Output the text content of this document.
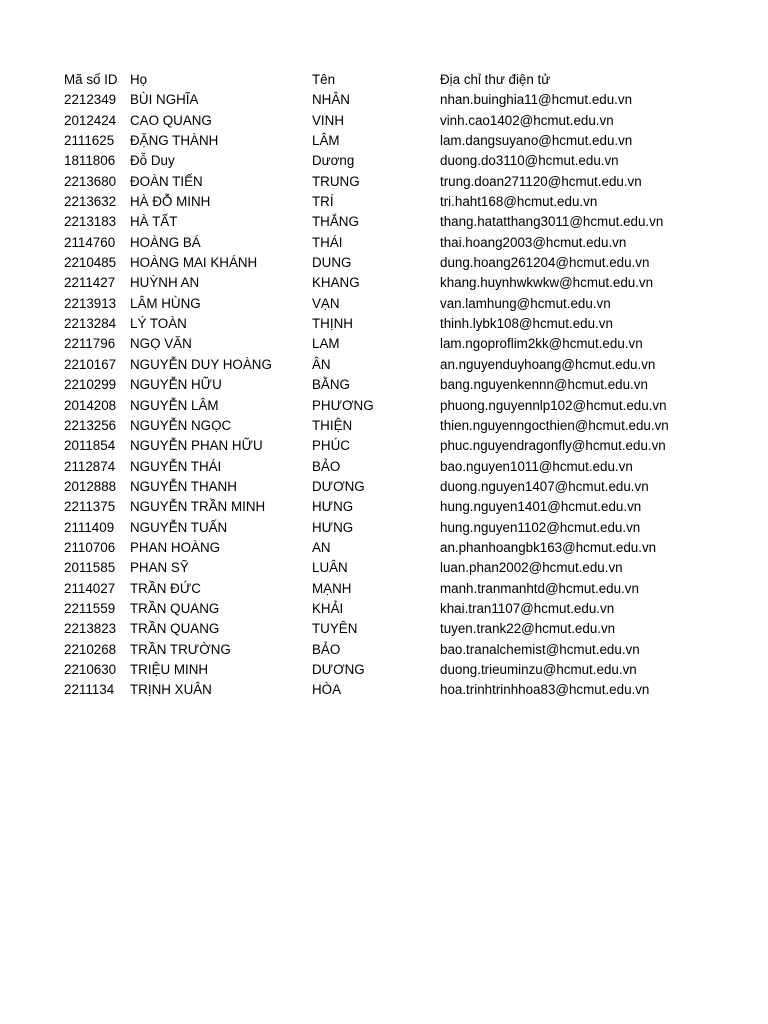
Mã số ID	Họ	Tên	Địa chỉ thư điện tử
2212349	BÙI NGHĨA	NHÂN	nhan.buinghia11@hcmut.edu.vn
2012424	CAO QUANG	VINH	vinh.cao1402@hcmut.edu.vn
2111625	ĐẶNG THÀNH	LÂM	lam.dangsuyano@hcmut.edu.vn
1811806	Đỗ Duy	Dương	duong.do3110@hcmut.edu.vn
2213680	ĐOÀN TIẾN	TRUNG	trung.doan271120@hcmut.edu.vn
2213632	HÀ ĐỖ MINH	TRÍ	tri.haht168@hcmut.edu.vn
2213183	HÀ TẤT	THẮNG	thang.hatatthang3011@hcmut.edu.vn
2114760	HOÀNG BÁ	THÁI	thai.hoang2003@hcmut.edu.vn
2210485	HOÀNG MAI KHÁNH	DUNG	dung.hoang261204@hcmut.edu.vn
2211427	HUỲNH AN	KHANG	khang.huynhwkwkw@hcmut.edu.vn
2213913	LÂM HÙNG	VẠN	van.lamhung@hcmut.edu.vn
2213284	LÝ TOÀN	THỊNH	thinh.lybk108@hcmut.edu.vn
2211796	NGỌ VĂN	LAM	lam.ngoproflim2kk@hcmut.edu.vn
2210167	NGUYỄN DUY HOÀNG	ÂN	an.nguyenduyhoang@hcmut.edu.vn
2210299	NGUYỄN HỮU	BẰNG	bang.nguyenkennn@hcmut.edu.vn
2014208	NGUYỄN LÂM	PHƯƠNG	phuong.nguyennlp102@hcmut.edu.vn
2213256	NGUYỄN NGỌC	THIỆN	thien.nguyenngocthien@hcmut.edu.vn
2011854	NGUYỄN PHAN HỮU	PHÚC	phuc.nguyendragonfly@hcmut.edu.vn
2112874	NGUYỄN THÁI	BẢO	bao.nguyen1011@hcmut.edu.vn
2012888	NGUYỄN THANH	DƯƠNG	duong.nguyen1407@hcmut.edu.vn
2211375	NGUYỄN TRẦN MINH	HƯNG	hung.nguyen1401@hcmut.edu.vn
2111409	NGUYỄN TUẤN	HƯNG	hung.nguyen1102@hcmut.edu.vn
2110706	PHAN HOÀNG	AN	an.phanhoangbk163@hcmut.edu.vn
2011585	PHAN SỸ	LUÂN	luan.phan2002@hcmut.edu.vn
2114027	TRẦN ĐỨC	MẠNH	manh.tranmanhtd@hcmut.edu.vn
2211559	TRẦN QUANG	KHẢI	khai.tran1107@hcmut.edu.vn
2213823	TRẦN QUANG	TUYÊN	tuyen.trank22@hcmut.edu.vn
2210268	TRẦN TRƯỜNG	BẢO	bao.tranalchemist@hcmut.edu.vn
2210630	TRIỆU MINH	DƯƠNG	duong.trieuminzu@hcmut.edu.vn
2211134	TRỊNH XUÂN	HÒA	hoa.trinhtrinhhoa83@hcmut.edu.vn
